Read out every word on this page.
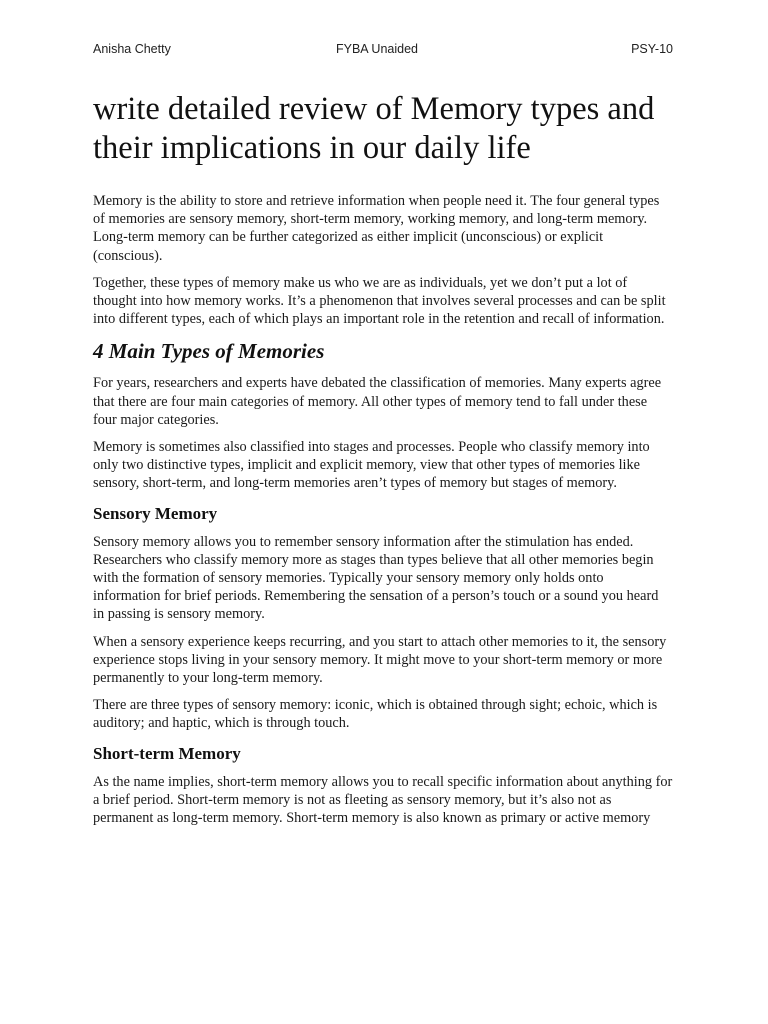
Anisha Chetty	FYBA Unaided	PSY-10
write detailed review of Memory types and their implications in our daily life

Memory is the ability to store and retrieve information when people need it. The four general types of memories are sensory memory, short-term memory, working memory, and long-term memory. Long-term memory can be further categorized as either implicit (unconscious) or explicit (conscious).

Together, these types of memory make us who we are as individuals, yet we don’t put a lot of thought into how memory works. It’s a phenomenon that involves several processes and can be split into different types, each of which plays an important role in the retention and recall of information.

4 Main Types of Memories

For years, researchers and experts have debated the classification of memories. Many experts agree that there are four main categories of memory. All other types of memory tend to fall under these four major categories.

Memory is sometimes also classified into stages and processes. People who classify memory into only two distinctive types, implicit and explicit memory, view that other types of memories like sensory, short-term, and long-term memories aren’t types of memory but stages of memory.

Sensory Memory

Sensory memory allows you to remember sensory information after the stimulation has ended. Researchers who classify memory more as stages than types believe that all other memories begin with the formation of sensory memories. Typically your sensory memory only holds onto information for brief periods. Remembering the sensation of a person’s touch or a sound you heard in passing is sensory memory.

When a sensory experience keeps recurring, and you start to attach other memories to it, the sensory experience stops living in your sensory memory. It might move to your short-term memory or more permanently to your long-term memory.

There are three types of sensory memory: iconic, which is obtained through sight; echoic, which is auditory; and haptic, which is through touch.

Short-term Memory

As the name implies, short-term memory allows you to recall specific information about anything for a brief period. Short-term memory is not as fleeting as sensory memory, but it’s also not as permanent as long-term memory. Short-term memory is also known as primary or active memory
